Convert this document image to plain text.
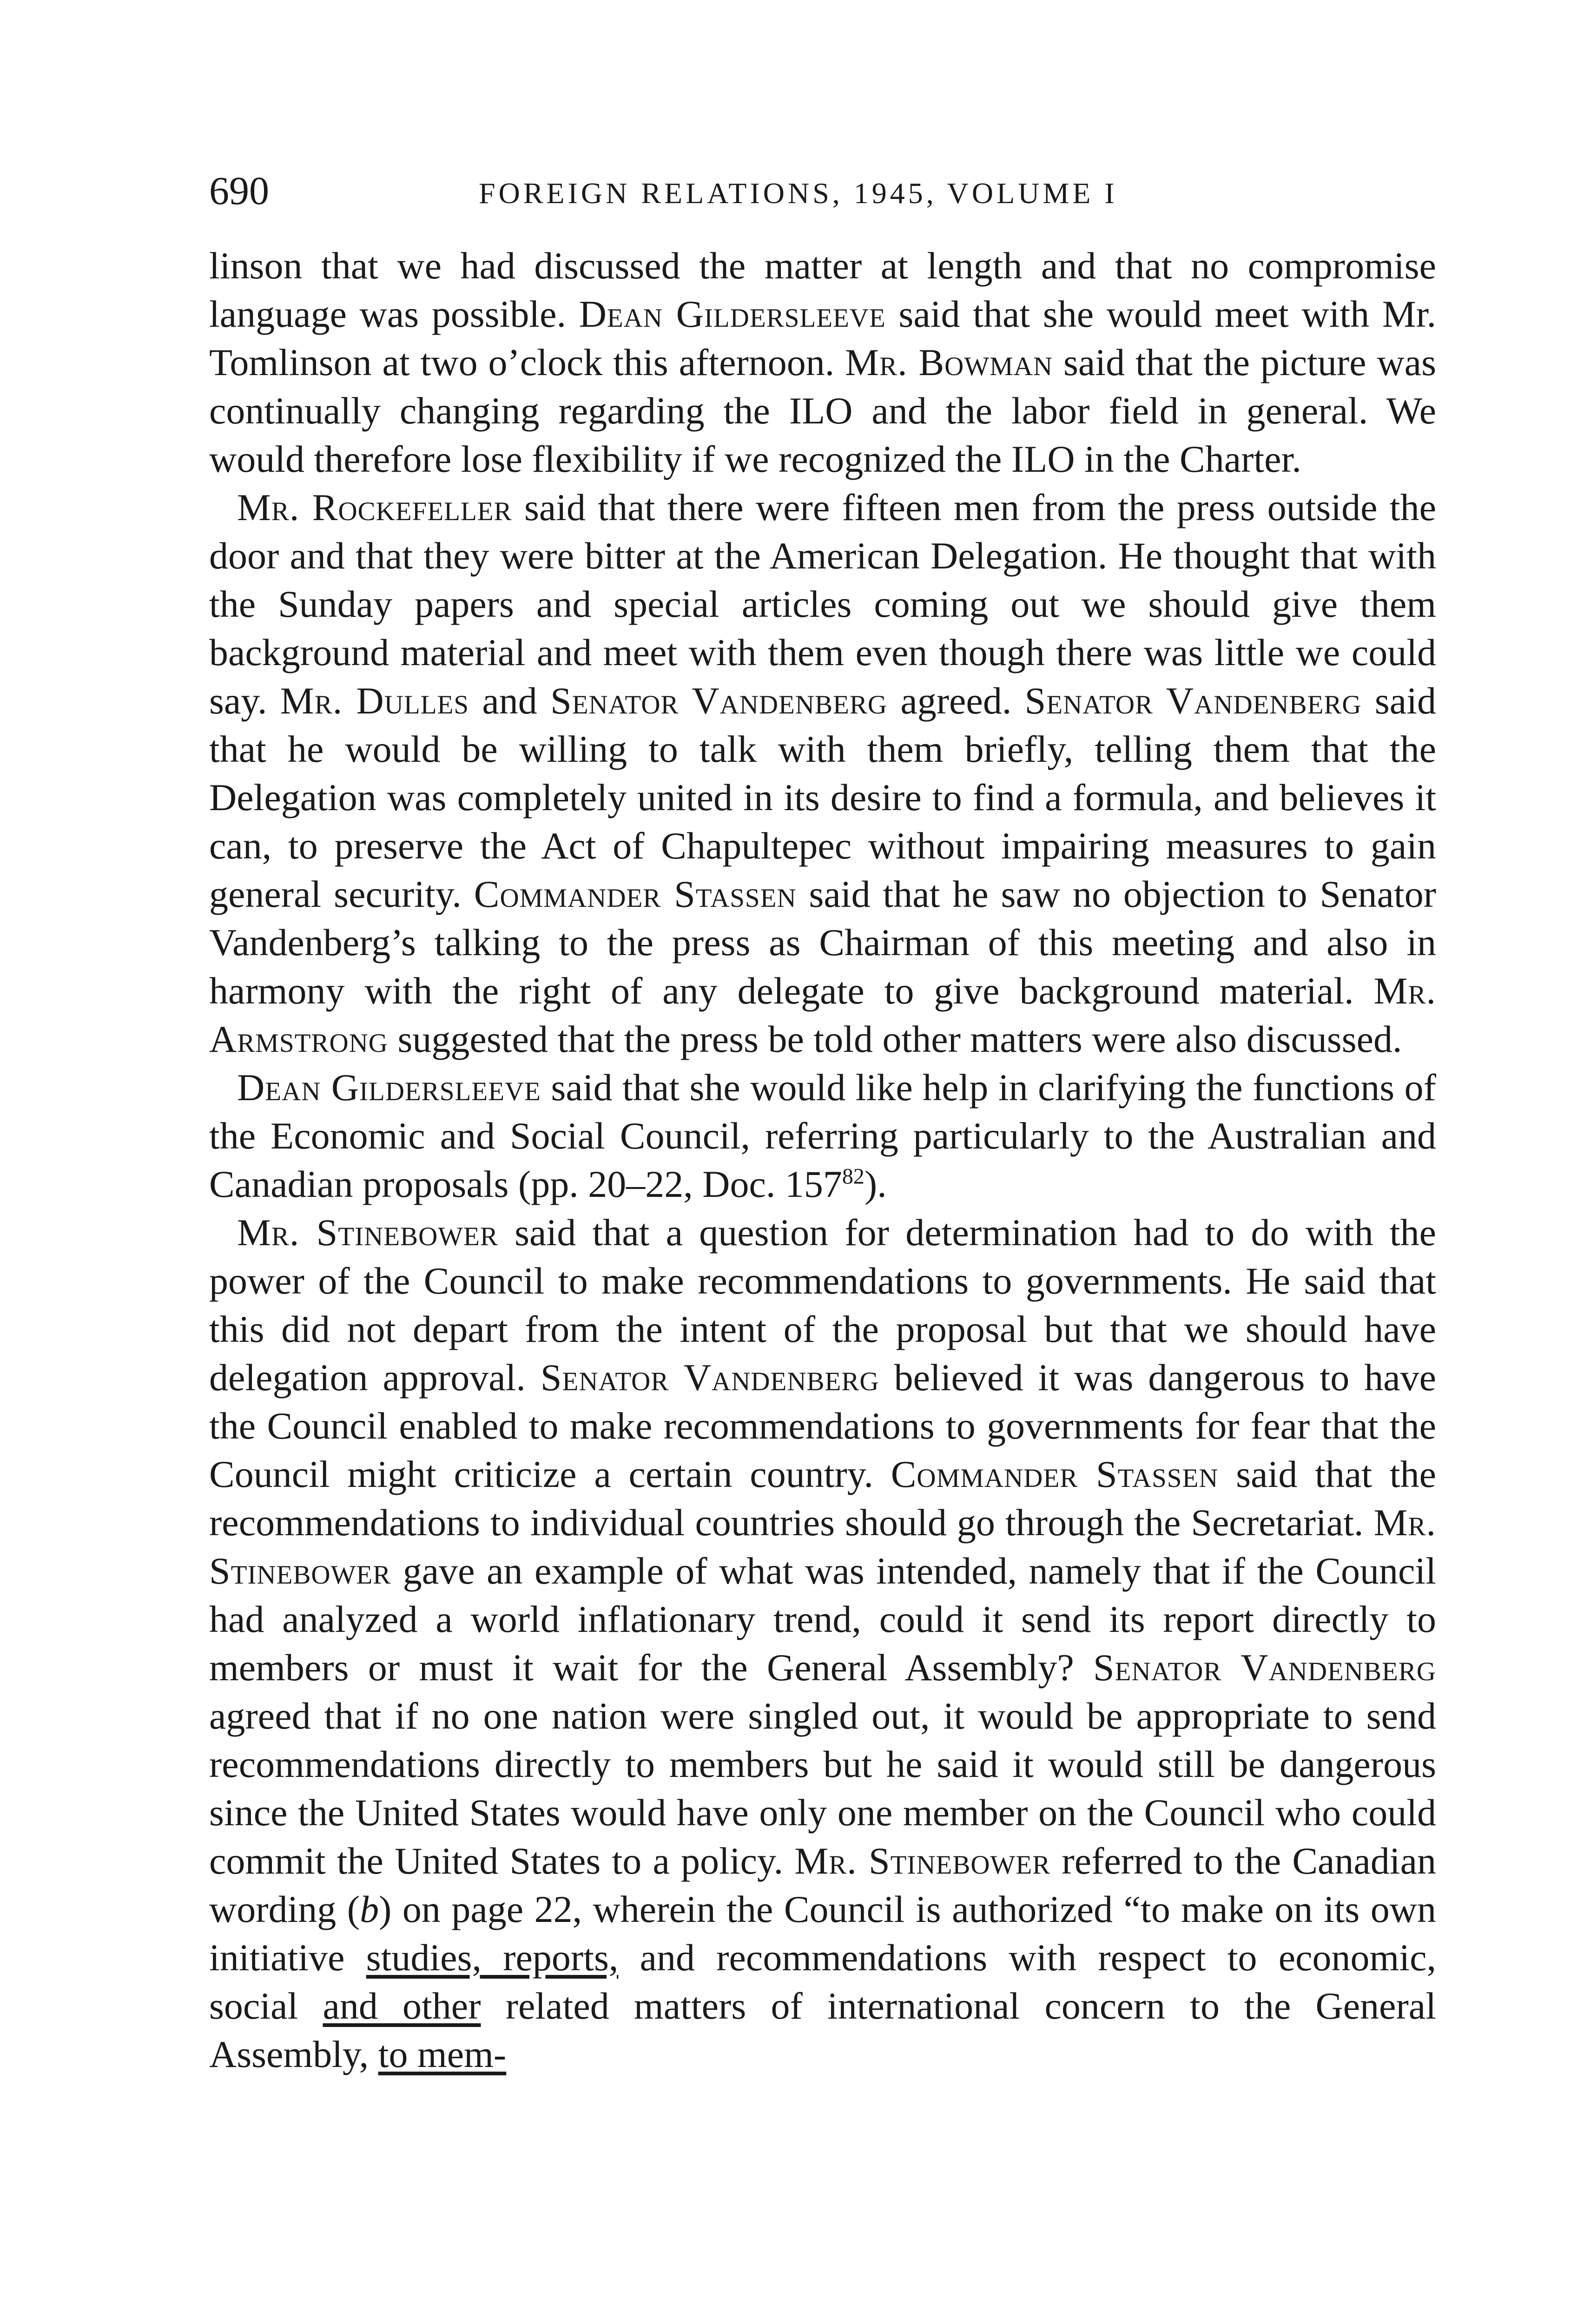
690	FOREIGN RELATIONS, 1945, VOLUME I

linson that we had discussed the matter at length and that no compromise language was possible. Dean Gildersleeve said that she would meet with Mr. Tomlinson at two o’clock this afternoon. Mr. Bowman said that the picture was continually changing regarding the ILO and the labor field in general. We would therefore lose flexibility if we recognized the ILO in the Charter.

Mr. Rockefeller said that there were fifteen men from the press outside the door and that they were bitter at the American Delegation. He thought that with the Sunday papers and special articles coming out we should give them background material and meet with them even though there was little we could say. Mr. Dulles and Senator Vandenberg agreed. Senator Vandenberg said that he would be willing to talk with them briefly, telling them that the Delegation was completely united in its desire to find a formula, and believes it can, to preserve the Act of Chapultepec without impairing measures to gain general security. Commander Stassen said that he saw no objection to Senator Vandenberg’s talking to the press as Chairman of this meeting and also in harmony with the right of any delegate to give background material. Mr. Armstrong suggested that the press be told other matters were also discussed.

Dean Gildersleeve said that she would like help in clarifying the functions of the Economic and Social Council, referring particularly to the Australian and Canadian proposals (pp. 20–22, Doc. 157$^{82}$).

Mr. Stinebower said that a question for determination had to do with the power of the Council to make recommendations to governments. He said that this did not depart from the intent of the proposal but that we should have delegation approval. Senator Vandenberg believed it was dangerous to have the Council enabled to make recommendations to governments for fear that the Council might criticize a certain country. Commander Stassen said that the recommendations to individual countries should go through the Secretariat. Mr. Stinebower gave an example of what was intended, namely that if the Council had analyzed a world inflationary trend, could it send its report directly to members or must it wait for the General Assembly? Senator Vandenberg agreed that if no one nation were singled out, it would be appropriate to send recommendations directly to members but he said it would still be dangerous since the United States would have only one member on the Council who could commit the United States to a policy. Mr. Stinebower referred to the Canadian wording (b) on page 22, wherein the Council is authorized “to make on its own initiative studies, reports, and recommendations with respect to economic, social and other related matters of international concern to the General Assembly, to mem-
